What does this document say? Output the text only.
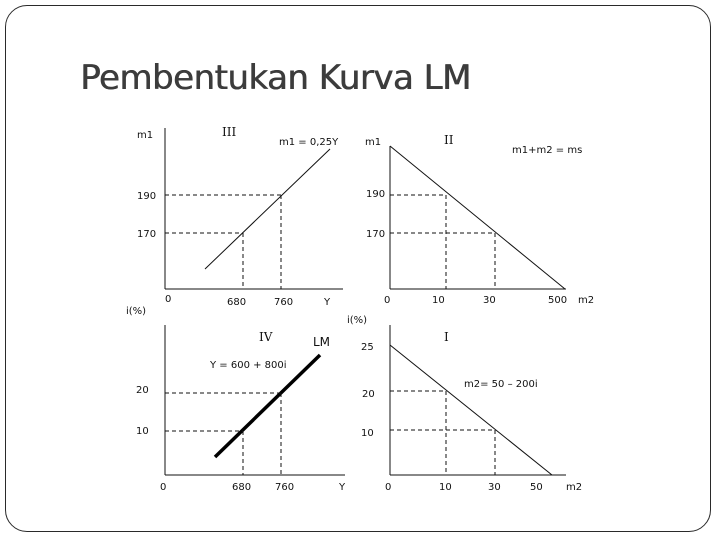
Pembentukan Kurva LM
m1	III
m1 = 0,25Y
190
170
0	680	760	Y
m1	II
m1+m2 = ms
190
170
0	10	30	500 m2
i(%)
IV	LM
Y = 600 + 800i
20
10
0	680 760	Y
i(%)
I
25
m2= 50 – 200i
20
10
0	10	30	50 m2
